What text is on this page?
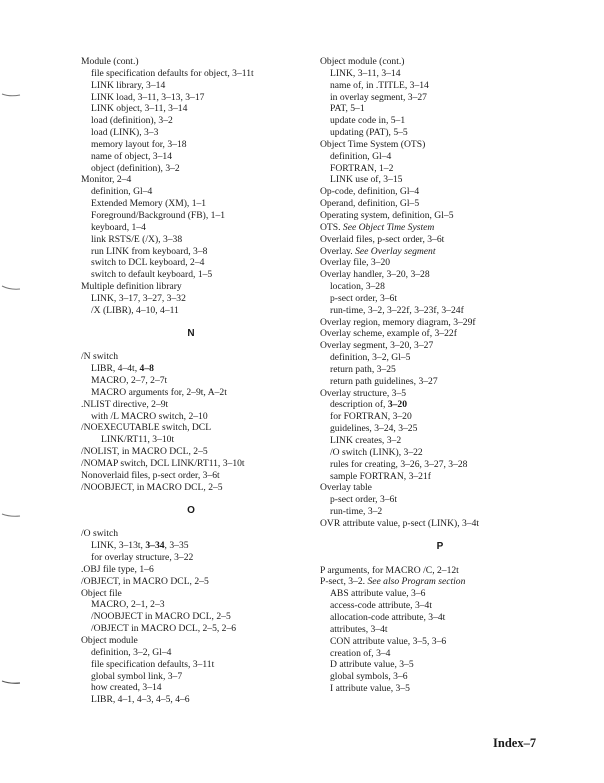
Module (cont.)
file specification defaults for object, 3–11t
LINK library, 3–14
LINK load, 3–11, 3–13, 3–17
LINK object, 3–11, 3–14
load (definition), 3–2
load (LINK), 3–3
memory layout for, 3–18
name of object, 3–14
object (definition), 3–2
Monitor, 2–4
definition, Gl–4
Extended Memory (XM), 1–1
Foreground/Background (FB), 1–1
keyboard, 1–4
link RSTS/E (/X), 3–38
run LINK from keyboard, 3–8
switch to DCL keyboard, 2–4
switch to default keyboard, 1–5
Multiple definition library
LINK, 3–17, 3–27, 3–32
/X (LIBR), 4–10, 4–11
N
/N switch
LIBR, 4–4t, 4–8
MACRO, 2–7, 2–7t
MACRO arguments for, 2–9t, A–2t
.NLIST directive, 2–9t
with /L MACRO switch, 2–10
/NOEXECUTABLE switch, DCL
LINK/RT11, 3–10t
/NOLIST, in MACRO DCL, 2–5
/NOMAP switch, DCL LINK/RT11, 3–10t
Nonoverlaid files, p-sect order, 3–6t
/NOOBJECT, in MACRO DCL, 2–5
O
/O switch
LINK, 3–13t, 3–34, 3–35
for overlay structure, 3–22
.OBJ file type, 1–6
/OBJECT, in MACRO DCL, 2–5
Object file
MACRO, 2–1, 2–3
/NOOBJECT in MACRO DCL, 2–5
/OBJECT in MACRO DCL, 2–5, 2–6
Object module
definition, 3–2, Gl–4
file specification defaults, 3–11t
global symbol link, 3–7
how created, 3–14
LIBR, 4–1, 4–3, 4–5, 4–6
Object module (cont.)
LINK, 3–11, 3–14
name of, in .TITLE, 3–14
in overlay segment, 3–27
PAT, 5–1
update code in, 5–1
updating (PAT), 5–5
Object Time System (OTS)
definition, Gl–4
FORTRAN, 1–2
LINK use of, 3–15
Op-code, definition, Gl–4
Operand, definition, Gl–5
Operating system, definition, Gl–5
OTS. See Object Time System
Overlaid files, p-sect order, 3–6t
Overlay. See Overlay segment
Overlay file, 3–20
Overlay handler, 3–20, 3–28
location, 3–28
p-sect order, 3–6t
run-time, 3–2, 3–22f, 3–23f, 3–24f
Overlay region, memory diagram, 3–29f
Overlay scheme, example of, 3–22f
Overlay segment, 3–20, 3–27
definition, 3–2, Gl–5
return path, 3–25
return path guidelines, 3–27
Overlay structure, 3–5
description of, 3–20
for FORTRAN, 3–20
guidelines, 3–24, 3–25
LINK creates, 3–2
/O switch (LINK), 3–22
rules for creating, 3–26, 3–27, 3–28
sample FORTRAN, 3–21f
Overlay table
p-sect order, 3–6t
run-time, 3–2
OVR attribute value, p-sect (LINK), 3–4t
P
P arguments, for MACRO /C, 2–12t
P-sect, 3–2. See also Program section
ABS attribute value, 3–6
access-code attribute, 3–4t
allocation-code attribute, 3–4t
attributes, 3–4t
CON attribute value, 3–5, 3–6
creation of, 3–4
D attribute value, 3–5
global symbols, 3–6
I attribute value, 3–5
Index–7
